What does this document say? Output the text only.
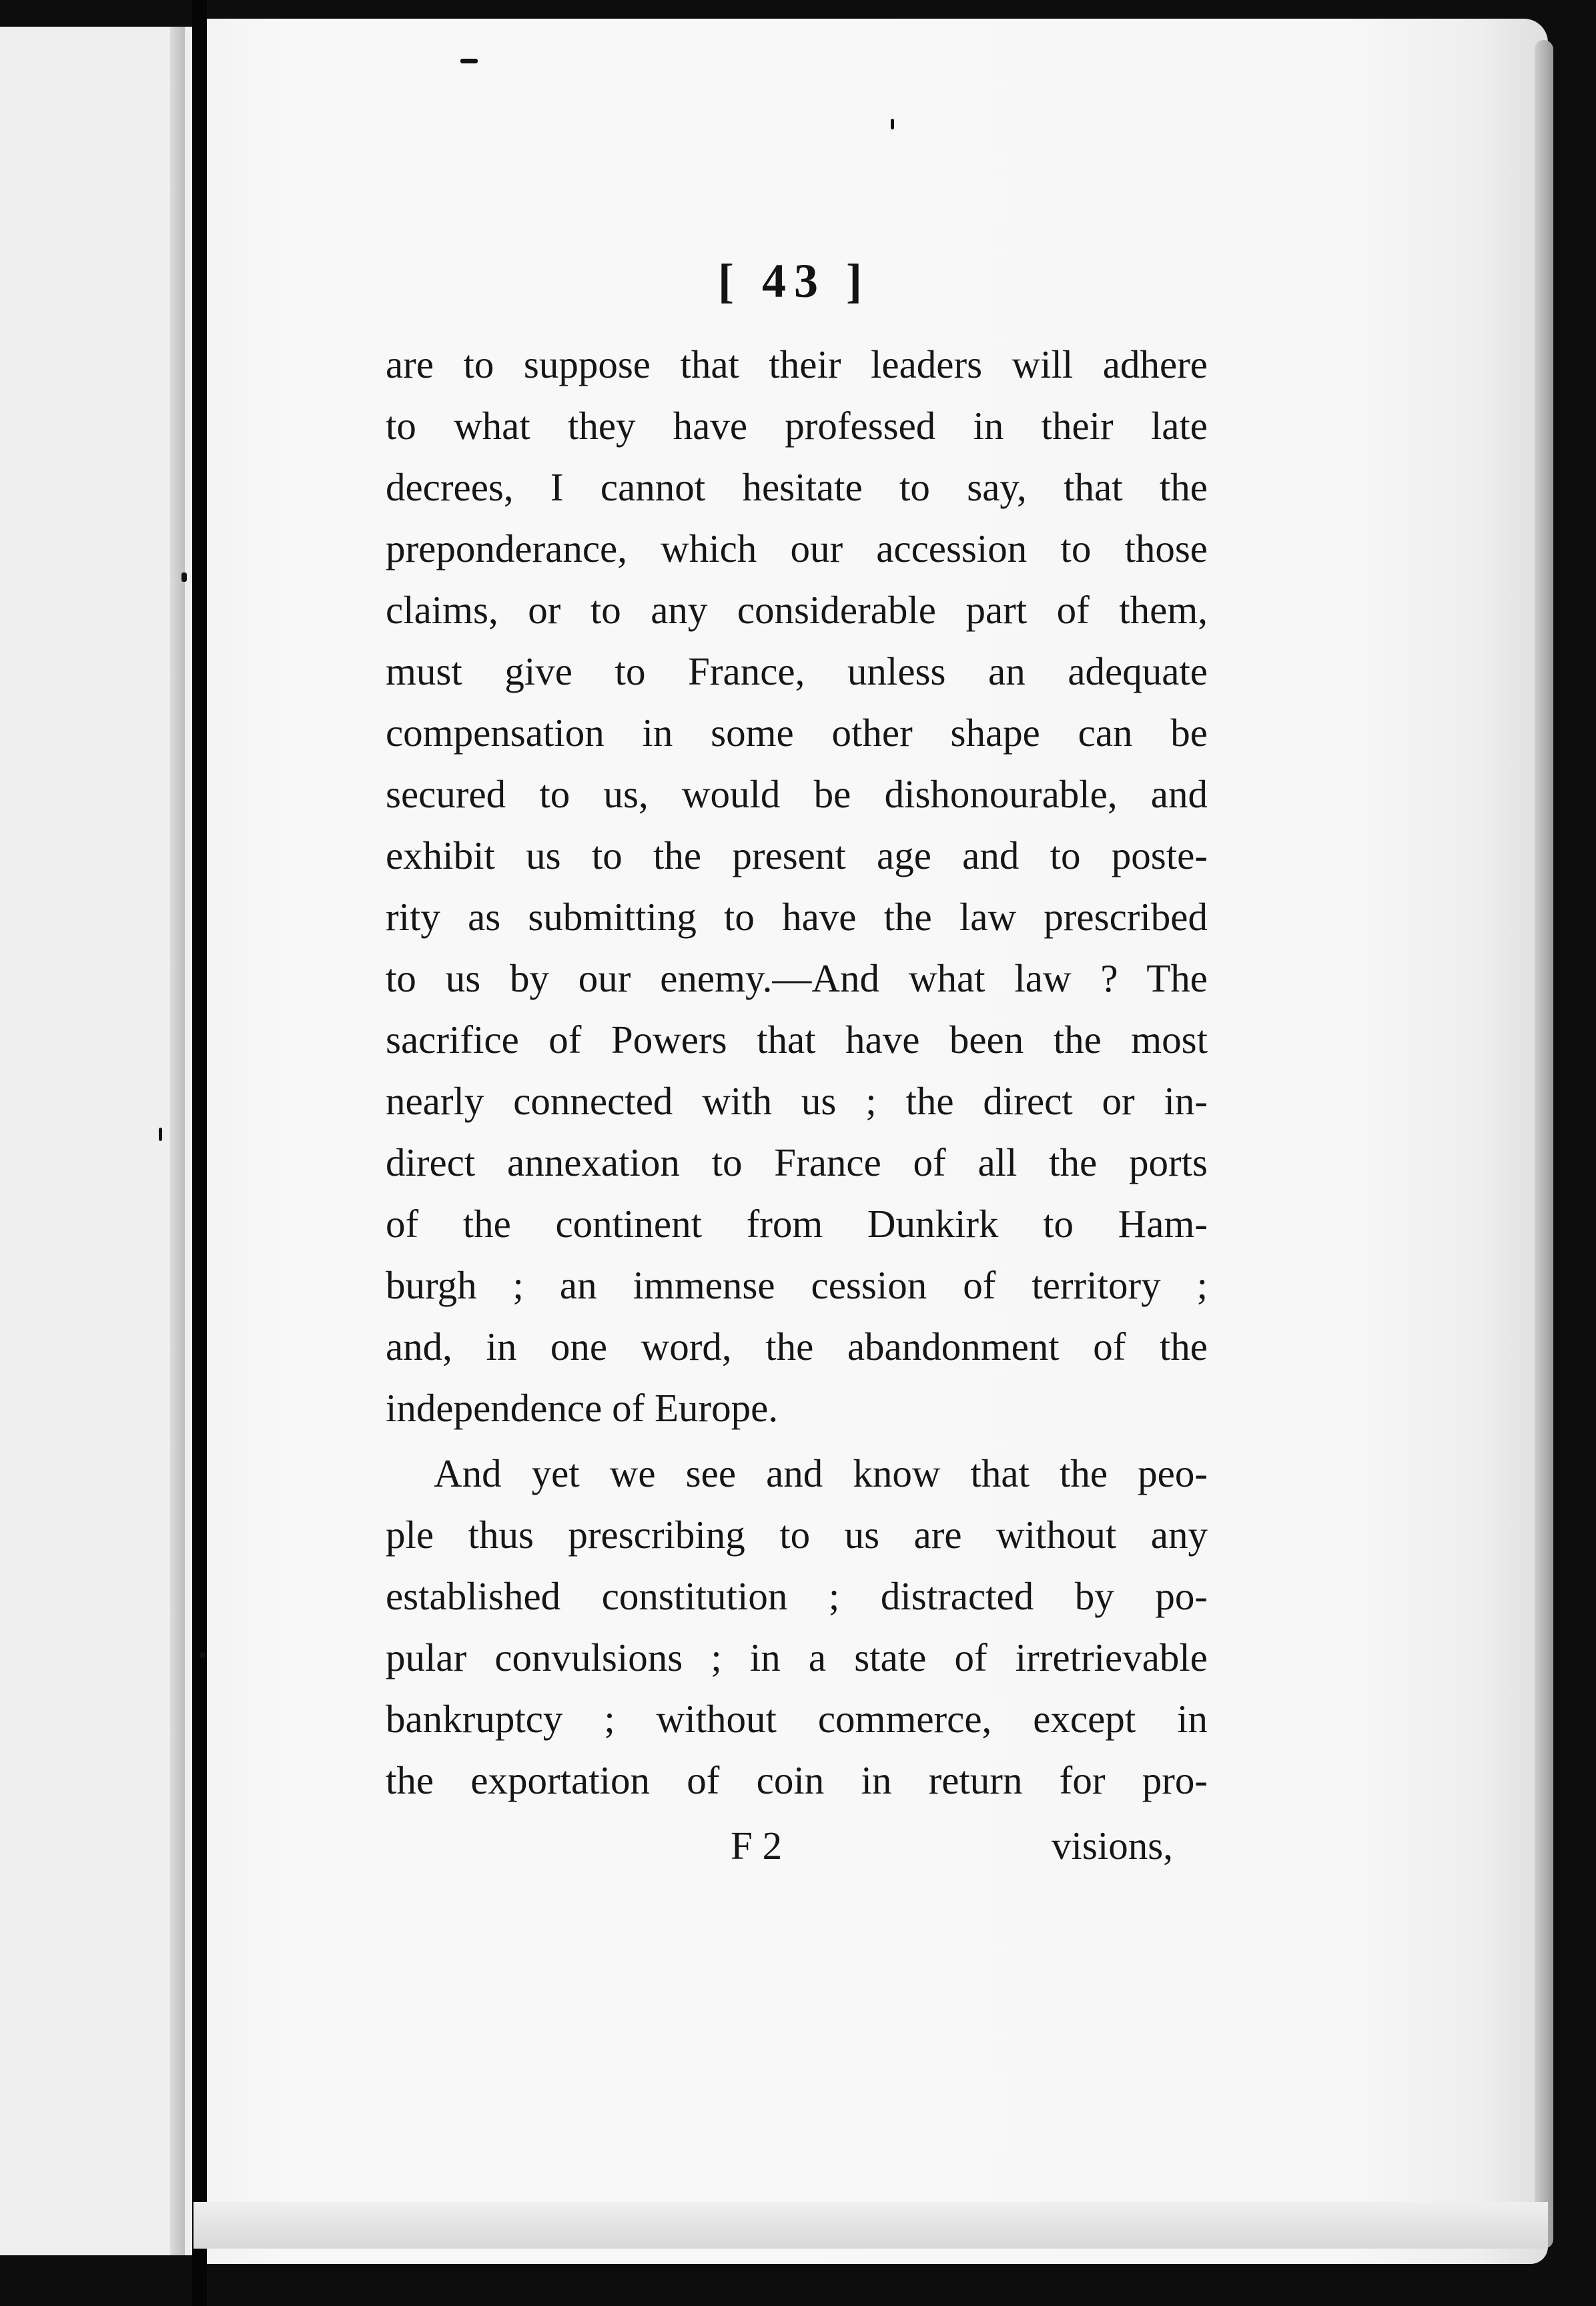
[ 43 ]
are to suppose that their leaders will adhere
to what they have professed in their late
decrees, I cannot hesitate to say, that the
preponderance, which our accession to those
claims, or to any considerable part of them,
must give to France, unless an adequate
compensation in some other shape can be
secured to us, would be dishonourable, and
exhibit us to the present age and to poste-
rity as submitting to have the law prescribed
to us by our enemy.—And what law ? The
sacrifice of Powers that have been the most
nearly connected with us ; the direct or in-
direct annexation to France of all the ports
of the continent from Dunkirk to Ham-
burgh ; an immense cession of territory ;
and, in one word, the abandonment of the
independence of Europe.
And yet we see and know that the peo-
ple thus prescribing to us are without any
established constitution ; distracted by po-
pular convulsions ; in a state of irretrievable
bankruptcy ; without commerce, except in
the exportation of coin in return for pro-
F 2	visions,
